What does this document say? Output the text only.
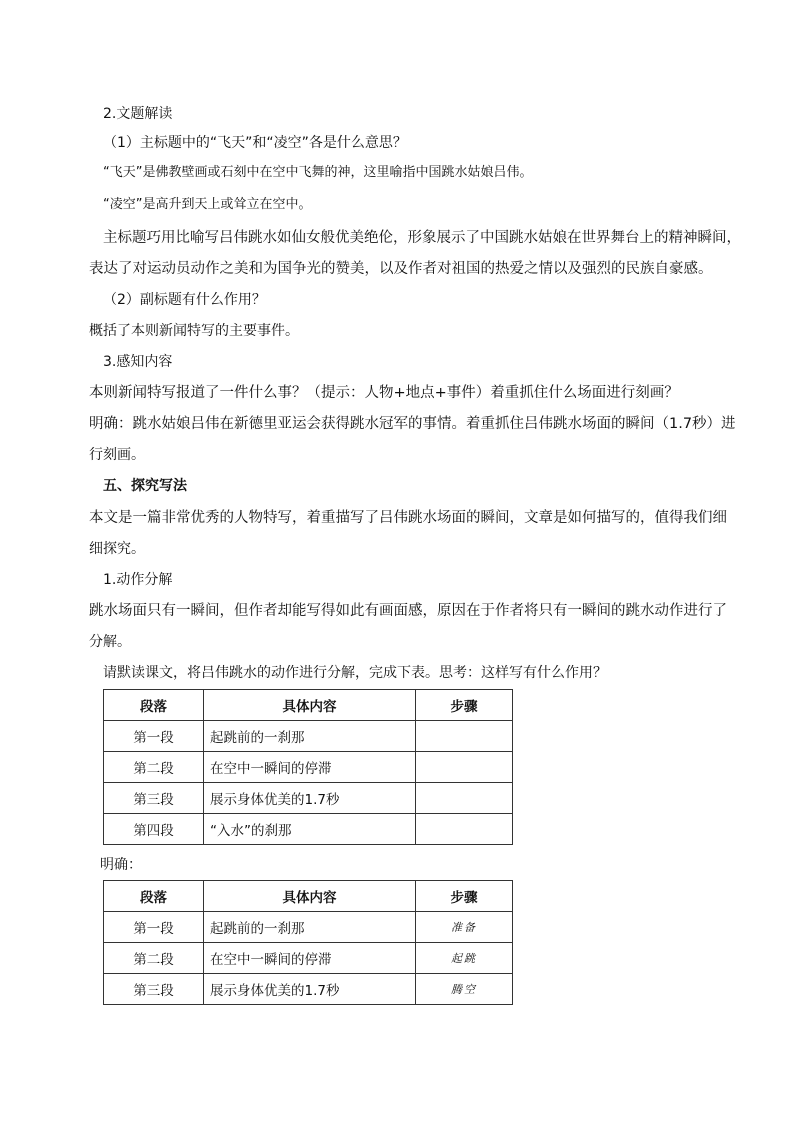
2.文题解读
（1）主标题中的“飞天”和“凌空”各是什么意思？
“飞天”是佛教壁画或石刻中在空中飞舞的神，这里喻指中国跳水姑娘吕伟。
“凌空”是高升到天上或耸立在空中。
主标题巧用比喻写吕伟跳水如仙女般优美绝伦，形象展示了中国跳水姑娘在世界舞台上的精神瞬间，
表达了对运动员动作之美和为国争光的赞美，以及作者对祖国的热爱之情以及强烈的民族自豪感。
（2）副标题有什么作用？
概括了本则新闻特写的主要事件。
3.感知内容
本则新闻特写报道了一件什么事？（提示：人物+地点+事件）着重抓住什么场面进行刻画？
明确：跳水姑娘吕伟在新德里亚运会获得跳水冠军的事情。着重抓住吕伟跳水场面的瞬间（1.7秒）进
行刻画。
五、探究写法
本文是一篇非常优秀的人物特写，着重描写了吕伟跳水场面的瞬间，文章是如何描写的，值得我们细
细探究。
1.动作分解
跳水场面只有一瞬间，但作者却能写得如此有画面感，原因在于作者将只有一瞬间的跳水动作进行了
分解。
请默读课文，将吕伟跳水的动作进行分解，完成下表。思考：这样写有什么作用？
段落	具体内容	步骤
第一段	起跳前的一刹那	
第二段	在空中一瞬间的停滞	
第三段	展示身体优美的1.7秒	
第四段	“入水”的刹那	
明确：
段落	具体内容	步骤
第一段	起跳前的一刹那	准备
第二段	在空中一瞬间的停滞	起跳
第三段	展示身体优美的1.7秒	腾空
